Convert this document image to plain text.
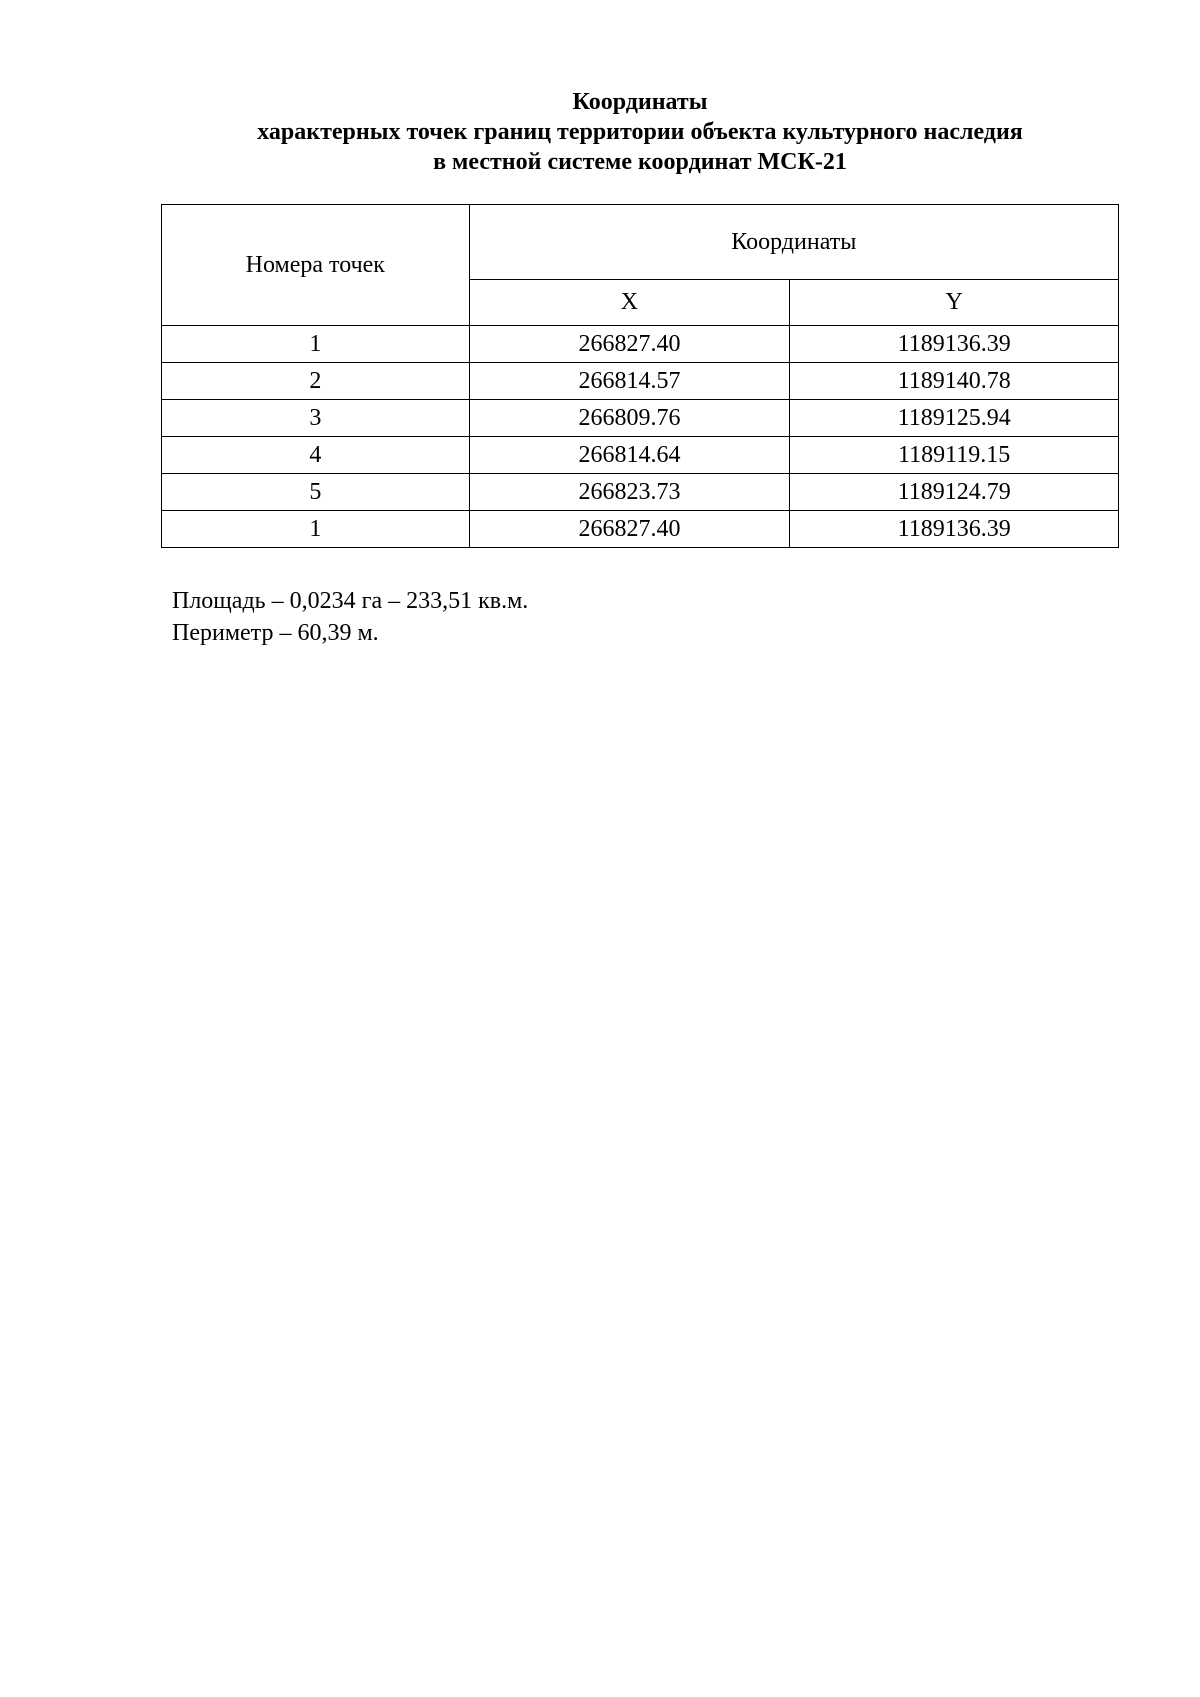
Координаты
характерных точек границ территории объекта культурного наследия
в местной системе координат МСК-21
Номера точек	Координаты	
	X	Y
1	266827.40	1189136.39
2	266814.57	1189140.78
3	266809.76	1189125.94
4	266814.64	1189119.15
5	266823.73	1189124.79
1	266827.40	1189136.39
Площадь – 0,0234 га – 233,51 кв.м.
Периметр – 60,39 м.
